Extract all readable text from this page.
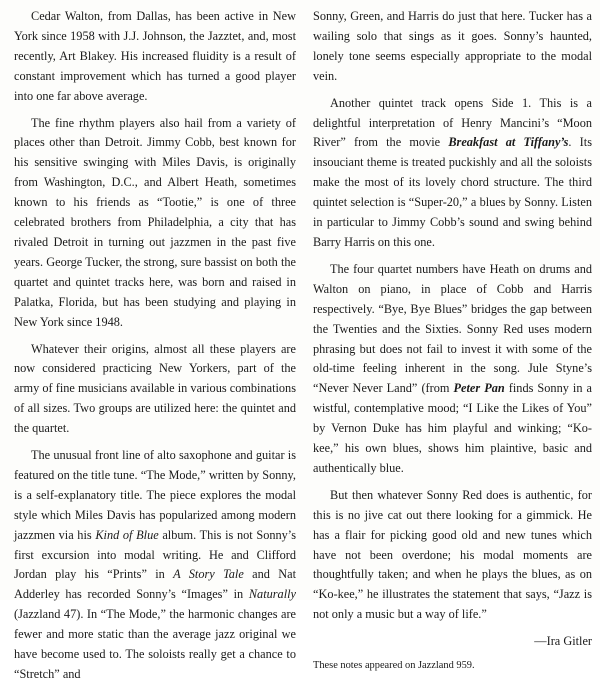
Cedar Walton, from Dallas, has been active in New York since 1958 with J.J. Johnson, the Jazztet, and, most recently, Art Blakey. His increased fluidity is a result of constant improvement which has turned a good player into one far above average.

The fine rhythm players also hail from a variety of places other than Detroit. Jimmy Cobb, best known for his sensitive swinging with Miles Davis, is originally from Washington, D.C., and Albert Heath, sometimes known to his friends as “Tootie,” is one of three celebrated brothers from Philadelphia, a city that has rivaled Detroit in turning out jazzmen in the past five years. George Tucker, the strong, sure bassist on both the quartet and quintet tracks here, was born and raised in Palatka, Florida, but has been studying and playing in New York since 1948.

Whatever their origins, almost all these players are now considered practicing New Yorkers, part of the army of fine musicians available in various combinations of all sizes. Two groups are utilized here: the quintet and the quartet.

The unusual front line of alto saxophone and guitar is featured on the title tune. “The Mode,” written by Sonny, is a self-explanatory title. The piece explores the modal style which Miles Davis has popularized among modern jazzmen via his Kind of Blue album. This is not Sonny’s first excursion into modal writing. He and Clifford Jordan play his “Prints” in A Story Tale and Nat Adderley has recorded Sonny’s “Images” in Naturally (Jazzland 47). In “The Mode,” the harmonic changes are fewer and more static than the average jazz original we have become used to. The soloists really get a chance to “Stretch” and

Sonny, Green, and Harris do just that here. Tucker has a wailing solo that sings as it goes. Sonny’s haunted, lonely tone seems especially appropriate to the modal vein.

Another quintet track opens Side 1. This is a delightful interpretation of Henry Mancini’s “Moon River” from the movie Breakfast at Tiffany’s. Its insouciant theme is treated puckishly and all the soloists make the most of its lovely chord structure. The third quintet selection is “Super-20,” a blues by Sonny. Listen in particular to Jimmy Cobb’s sound and swing behind Barry Harris on this one.

The four quartet numbers have Heath on drums and Walton on piano, in place of Cobb and Harris respectively. “Bye, Bye Blues” bridges the gap between the Twenties and the Sixties. Sonny Red uses modern phrasing but does not fail to invest it with some of the old-time feeling inherent in the song. Jule Styne’s “Never Never Land” (from Peter Pan finds Sonny in a wistful, contemplative mood; “I Like the Likes of You” by Vernon Duke has him playful and winking; “Ko-kee,” his own blues, shows him plaintive, basic and authentically blue.

But then whatever Sonny Red does is authentic, for this is no jive cat out there looking for a gimmick. He has a flair for picking good old and new tunes which have not been overdone; his modal moments are thoughtfully taken; and when he plays the blues, as on “Ko-kee,” he illustrates the statement that says, “Jazz is not only a music but a way of life.”

—Ira Gitler

These notes appeared on Jazzland 959.
